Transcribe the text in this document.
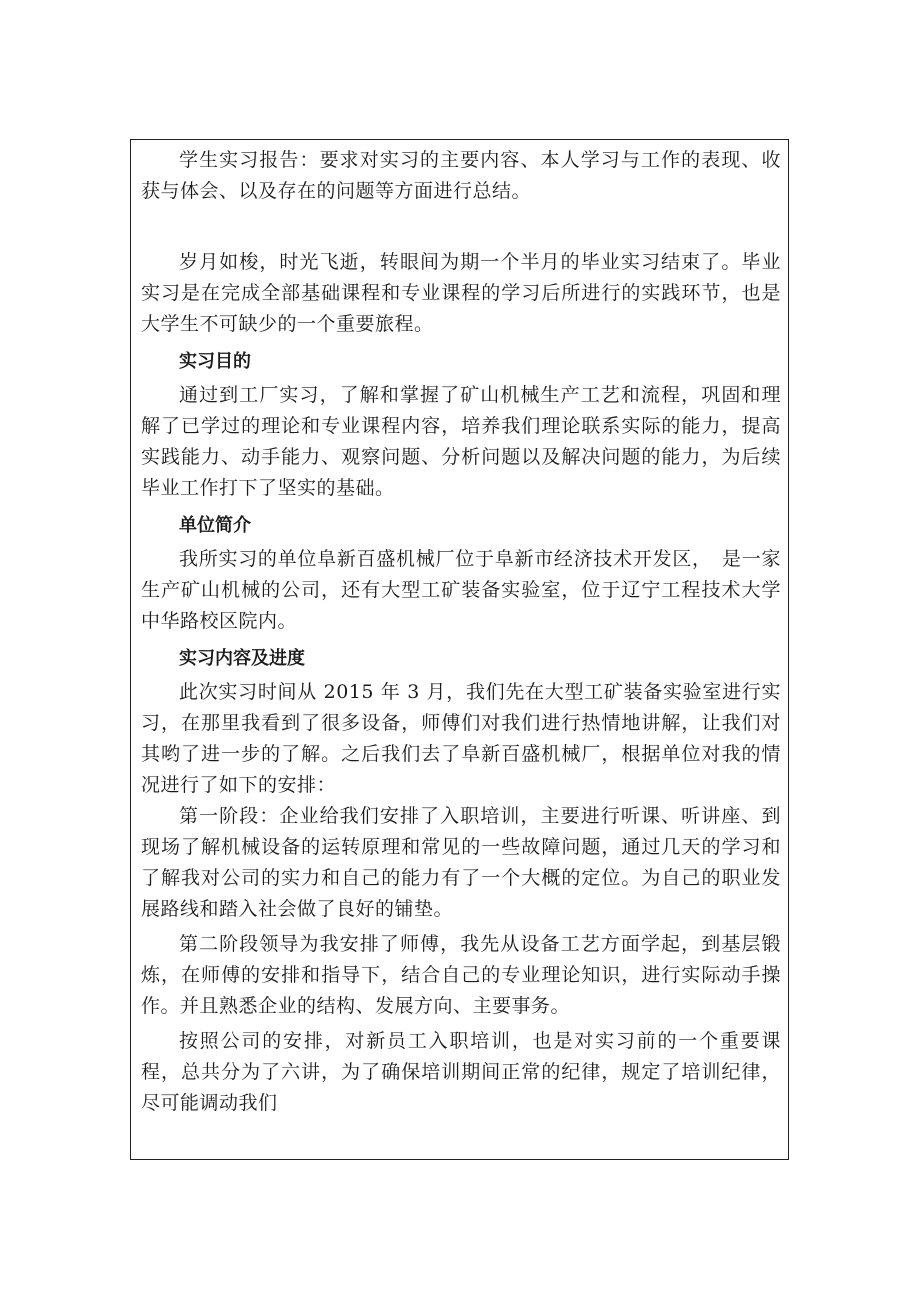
学生实习报告：要求对实习的主要内容、本人学习与工作的表现、收获与体会、以及存在的问题等方面进行总结。

岁月如梭，时光飞逝，转眼间为期一个半月的毕业实习结束了。毕业实习是在完成全部基础课程和专业课程的学习后所进行的实践环节，也是大学生不可缺少的一个重要旅程。

实习目的

通过到工厂实习，了解和掌握了矿山机械生产工艺和流程，巩固和理解了已学过的理论和专业课程内容，培养我们理论联系实际的能力，提高实践能力、动手能力、观察问题、分析问题以及解决问题的能力，为后续毕业工作打下了坚实的基础。

单位简介

我所实习的单位阜新百盛机械厂位于阜新市经济技术开发区，　是一家生产矿山机械的公司，还有大型工矿装备实验室，位于辽宁工程技术大学中华路校区院内。

实习内容及进度

此次实习时间从 2015 年 3 月，我们先在大型工矿装备实验室进行实习，在那里我看到了很多设备，师傅们对我们进行热情地讲解，让我们对其哟了进一步的了解。之后我们去了阜新百盛机械厂，根据单位对我的情况进行了如下的安排：

第一阶段：企业给我们安排了入职培训，主要进行听课、听讲座、到现场了解机械设备的运转原理和常见的一些故障问题，通过几天的学习和了解我对公司的实力和自己的能力有了一个大概的定位。为自己的职业发展路线和踏入社会做了良好的铺垫。

第二阶段领导为我安排了师傅，我先从设备工艺方面学起，到基层锻炼，在师傅的安排和指导下，结合自己的专业理论知识，进行实际动手操作。并且熟悉企业的结构、发展方向、主要事务。

按照公司的安排，对新员工入职培训，也是对实习前的一个重要课程，总共分为了六讲，为了确保培训期间正常的纪律，规定了培训纪律，尽可能调动我们
